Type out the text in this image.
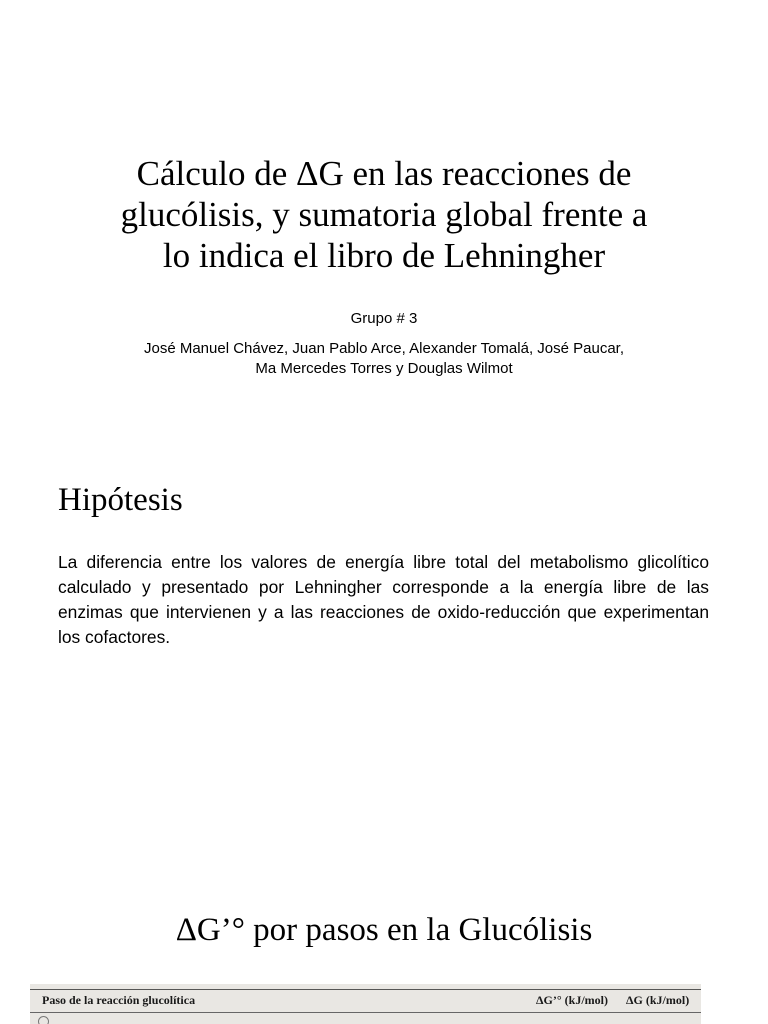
Cálculo de ΔG en las reacciones de
glucólisis, y sumatoria global frente a
lo indica el libro de Lehningher
Grupo # 3
José Manuel Chávez, Juan Pablo Arce, Alexander Tomalá, José Paucar,
Ma Mercedes Torres y Douglas Wilmot
Hipótesis

La diferencia entre los valores de energía libre total del metabolismo glicolítico calculado y presentado por Lehningher corresponde a la energía libre de las enzimas que intervienen y a las reacciones de oxido-reducción que experimentan los cofactores.

ΔG’° por pasos en la Glucólisis
Paso de la reacción glucolítica	ΔG’° (kJ/mol) ΔG (kJ/mol)
